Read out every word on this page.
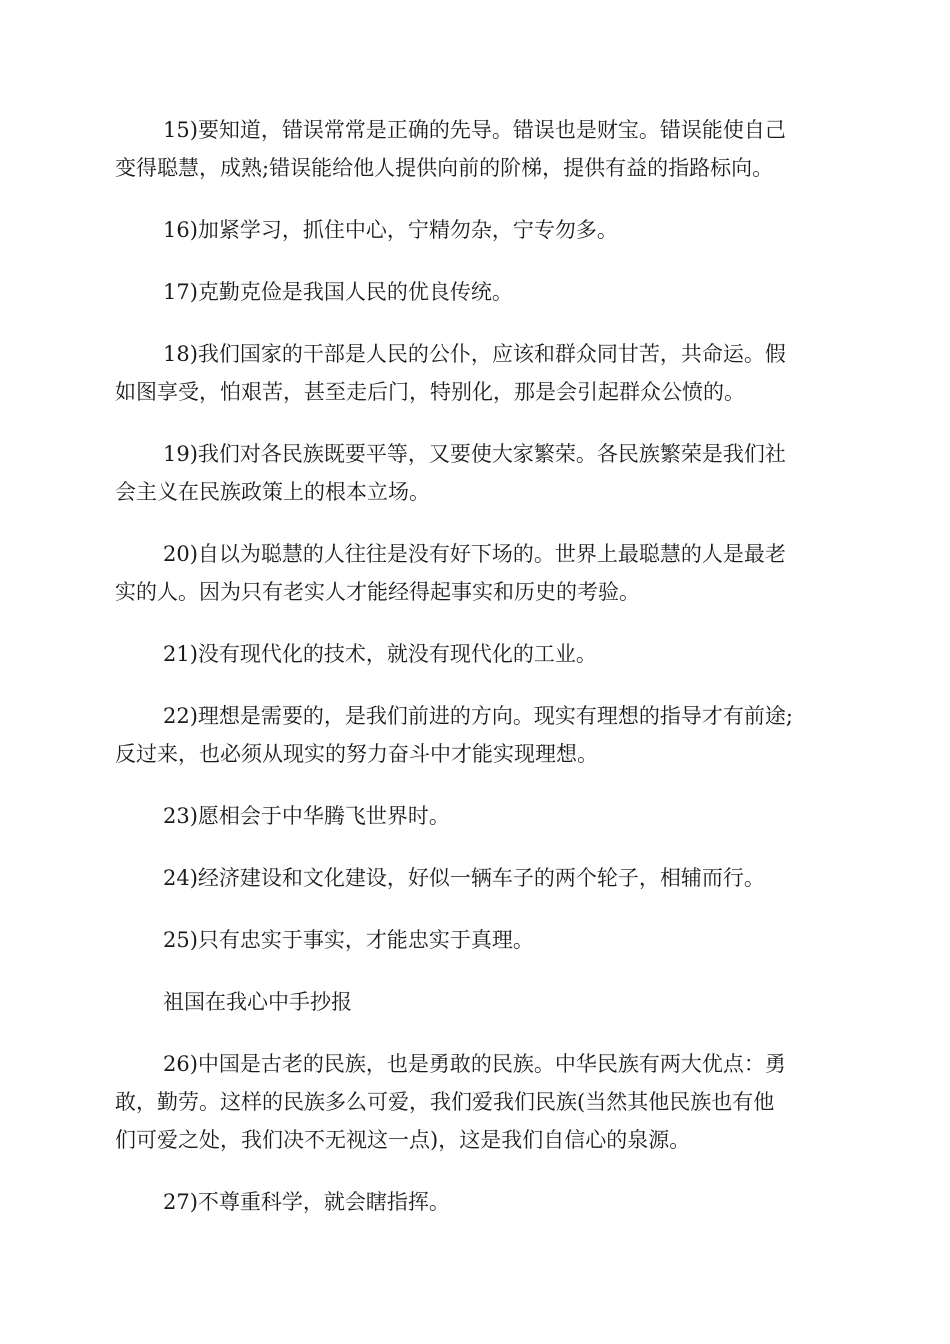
15)要知道，错误常常是正确的先导。错误也是财宝。错误能使自己
变得聪慧，成熟;错误能给他人提供向前的阶梯，提供有益的指路标向。

16)加紧学习，抓住中心，宁精勿杂，宁专勿多。

17)克勤克俭是我国人民的优良传统。

18)我们国家的干部是人民的公仆，应该和群众同甘苦，共命运。假
如图享受，怕艰苦，甚至走后门，特别化，那是会引起群众公愤的。

19)我们对各民族既要平等，又要使大家繁荣。各民族繁荣是我们社
会主义在民族政策上的根本立场。

20)自以为聪慧的人往往是没有好下场的。世界上最聪慧的人是最老
实的人。因为只有老实人才能经得起事实和历史的考验。

21)没有现代化的技术，就没有现代化的工业。

22)理想是需要的，是我们前进的方向。现实有理想的指导才有前途;
反过来，也必须从现实的努力奋斗中才能实现理想。

23)愿相会于中华腾飞世界时。

24)经济建设和文化建设，好似一辆车子的两个轮子，相辅而行。

25)只有忠实于事实，才能忠实于真理。

祖国在我心中手抄报

26)中国是古老的民族，也是勇敢的民族。中华民族有两大优点：勇
敢，勤劳。这样的民族多么可爱，我们爱我们民族(当然其他民族也有他
们可爱之处，我们决不无视这一点)，这是我们自信心的泉源。

27)不尊重科学，就会瞎指挥。
